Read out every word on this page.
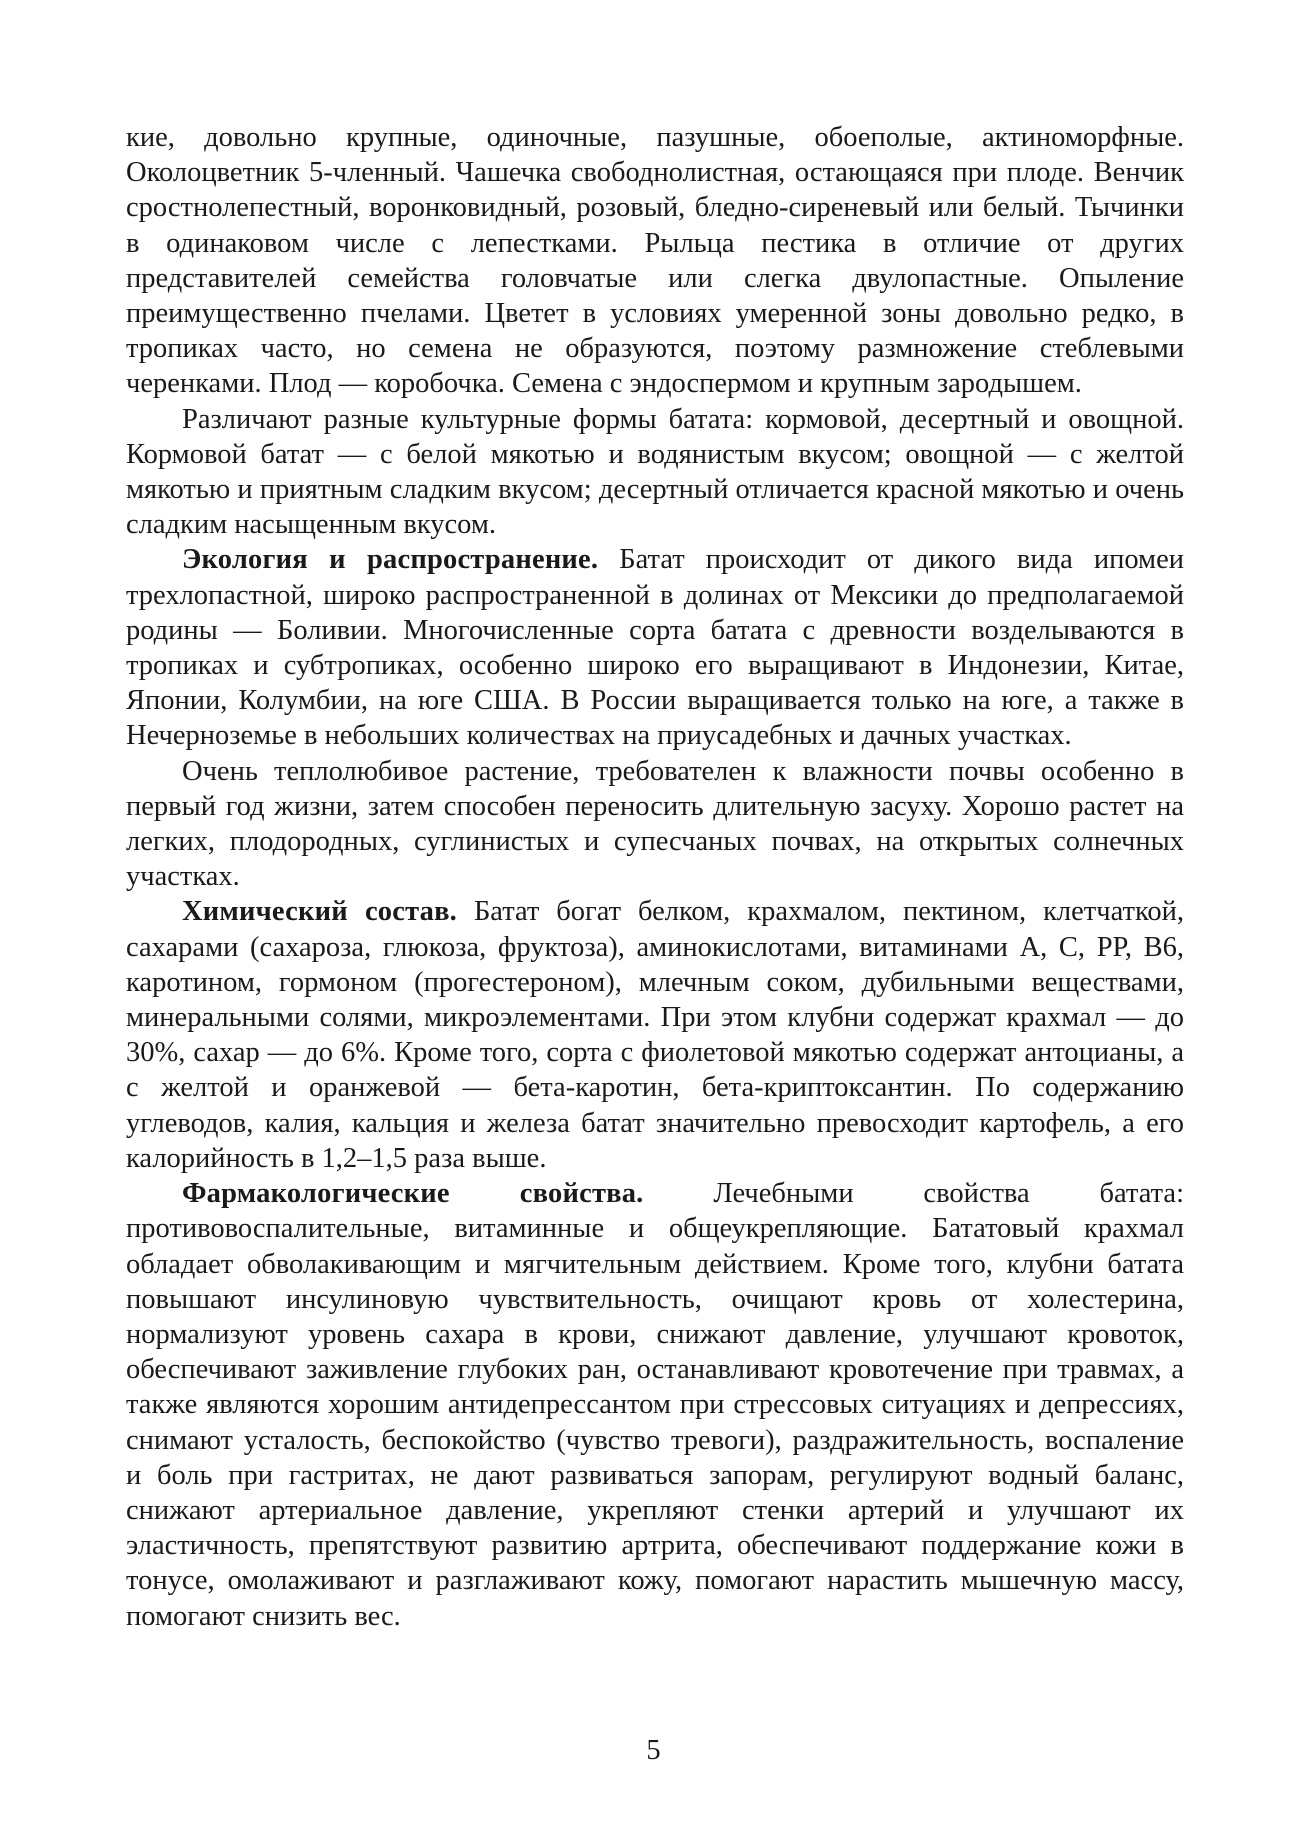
кие, довольно крупные, одиночные, пазушные, обоеполые, актиноморфные. Околоцветник 5-членный. Чашечка свободнолистная, остающаяся при плоде. Венчик сростнолепестный, воронковидный, розовый, бледно-сиреневый или белый. Тычинки в одинаковом числе с лепестками. Рыльца пестика в отличие от других представителей семейства головчатые или слегка двулопастные. Опыление преимущественно пчелами. Цветет в условиях умеренной зоны довольно редко, в тропиках часто, но семена не образуются, поэтому размножение стеблевыми черенками. Плод — коробочка. Семена с эндоспермом и крупным зародышем.

Различают разные культурные формы батата: кормовой, десертный и овощной. Кормовой батат — с белой мякотью и водянистым вкусом; овощной — с желтой мякотью и приятным сладким вкусом; десертный отличается красной мякотью и очень сладким насыщенным вкусом.

Экология и распространение. Батат происходит от дикого вида ипомеи трехлопастной, широко распространенной в долинах от Мексики до предполагаемой родины — Боливии. Многочисленные сорта батата с древности возделываются в тропиках и субтропиках, особенно широко его выращивают в Индонезии, Китае, Японии, Колумбии, на юге США. В России выращивается только на юге, а также в Нечерноземье в небольших количествах на приусадебных и дачных участках.

Очень теплолюбивое растение, требователен к влажности почвы особенно в первый год жизни, затем способен переносить длительную засуху. Хорошо растет на легких, плодородных, суглинистых и супесчаных почвах, на открытых солнечных участках.

Химический состав. Батат богат белком, крахмалом, пектином, клетчаткой, сахарами (сахароза, глюкоза, фруктоза), аминокислотами, витаминами А, С, РР, В6, каротином, гормоном (прогестероном), млечным соком, дубильными веществами, минеральными солями, микроэлементами. При этом клубни содержат крахмал — до 30%, сахар — до 6%. Кроме того, сорта с фиолетовой мякотью содержат антоцианы, а с желтой и оранжевой — бета-каротин, бета-криптоксантин. По содержанию углеводов, калия, кальция и железа батат значительно превосходит картофель, а его калорийность в 1,2–1,5 раза выше.

Фармакологические свойства. Лечебными свойства батата: противовоспалительные, витаминные и общеукрепляющие. Бататовый крахмал обладает обволакивающим и мягчительным действием. Кроме того, клубни батата повышают инсулиновую чувствительность, очищают кровь от холестерина, нормализуют уровень сахара в крови, снижают давление, улучшают кровоток, обеспечивают заживление глубоких ран, останавливают кровотечение при травмах, а также являются хорошим антидепрессантом при стрессовых ситуациях и депрессиях, снимают усталость, беспокойство (чувство тревоги), раздражительность, воспаление и боль при гастритах, не дают развиваться запорам, регулируют водный баланс, снижают артериальное давление, укрепляют стенки артерий и улучшают их эластичность, препятствуют развитию артрита, обеспечивают поддержание кожи в тонусе, омолаживают и разглаживают кожу, помогают нарастить мышечную массу, помогают снизить вес.

5
